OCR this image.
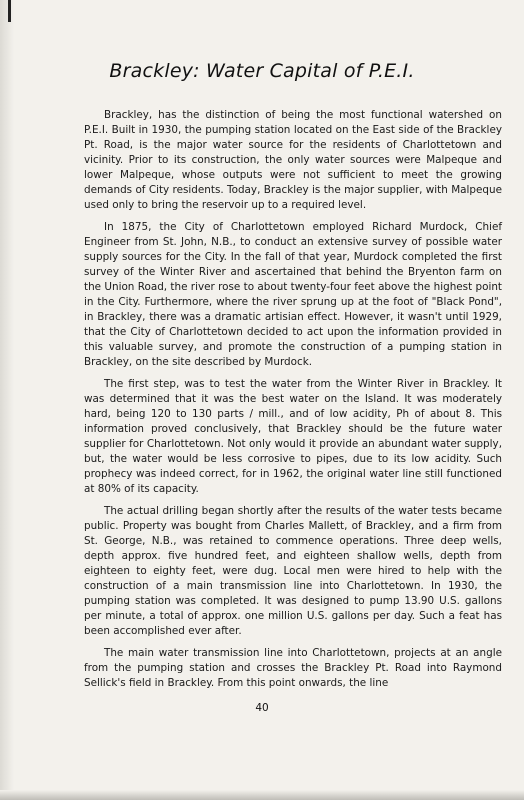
Brackley: Water Capital of P.E.I.

Brackley, has the distinction of being the most functional watershed on P.E.I. Built in 1930, the pumping station located on the East side of the Brackley Pt. Road, is the major water source for the residents of Charlottetown and vicinity. Prior to its construction, the only water sources were Malpeque and lower Malpeque, whose outputs were not sufficient to meet the growing demands of City residents. Today, Brackley is the major supplier, with Malpeque used only to bring the reservoir up to a required level.

In 1875, the City of Charlottetown employed Richard Murdock, Chief Engineer from St. John, N.B., to conduct an extensive survey of possible water supply sources for the City. In the fall of that year, Murdock completed the first survey of the Winter River and ascertained that behind the Bryenton farm on the Union Road, the river rose to about twenty-four feet above the highest point in the City. Furthermore, where the river sprung up at the foot of "Black Pond", in Brackley, there was a dramatic artisian effect. However, it wasn't until 1929, that the City of Charlottetown decided to act upon the information provided in this valuable survey, and promote the construction of a pumping station in Brackley, on the site described by Murdock.

The first step, was to test the water from the Winter River in Brackley. It was determined that it was the best water on the Island. It was moderately hard, being 120 to 130 parts / mill., and of low acidity, Ph of about 8. This information proved conclusively, that Brackley should be the future water supplier for Charlottetown. Not only would it provide an abundant water supply, but, the water would be less corrosive to pipes, due to its low acidity. Such prophecy was indeed correct, for in 1962, the original water line still functioned at 80% of its capacity.

The actual drilling began shortly after the results of the water tests became public. Property was bought from Charles Mallett, of Brackley, and a firm from St. George, N.B., was retained to commence operations. Three deep wells, depth approx. five hundred feet, and eighteen shallow wells, depth from eighteen to eighty feet, were dug. Local men were hired to help with the construction of a main transmission line into Charlottetown. In 1930, the pumping station was completed. It was designed to pump 13.90 U.S. gallons per minute, a total of approx. one million U.S. gallons per day. Such a feat has been accomplished ever after.

The main water transmission line into Charlottetown, projects at an angle from the pumping station and crosses the Brackley Pt. Road into Raymond Sellick's field in Brackley. From this point onwards, the line

40
